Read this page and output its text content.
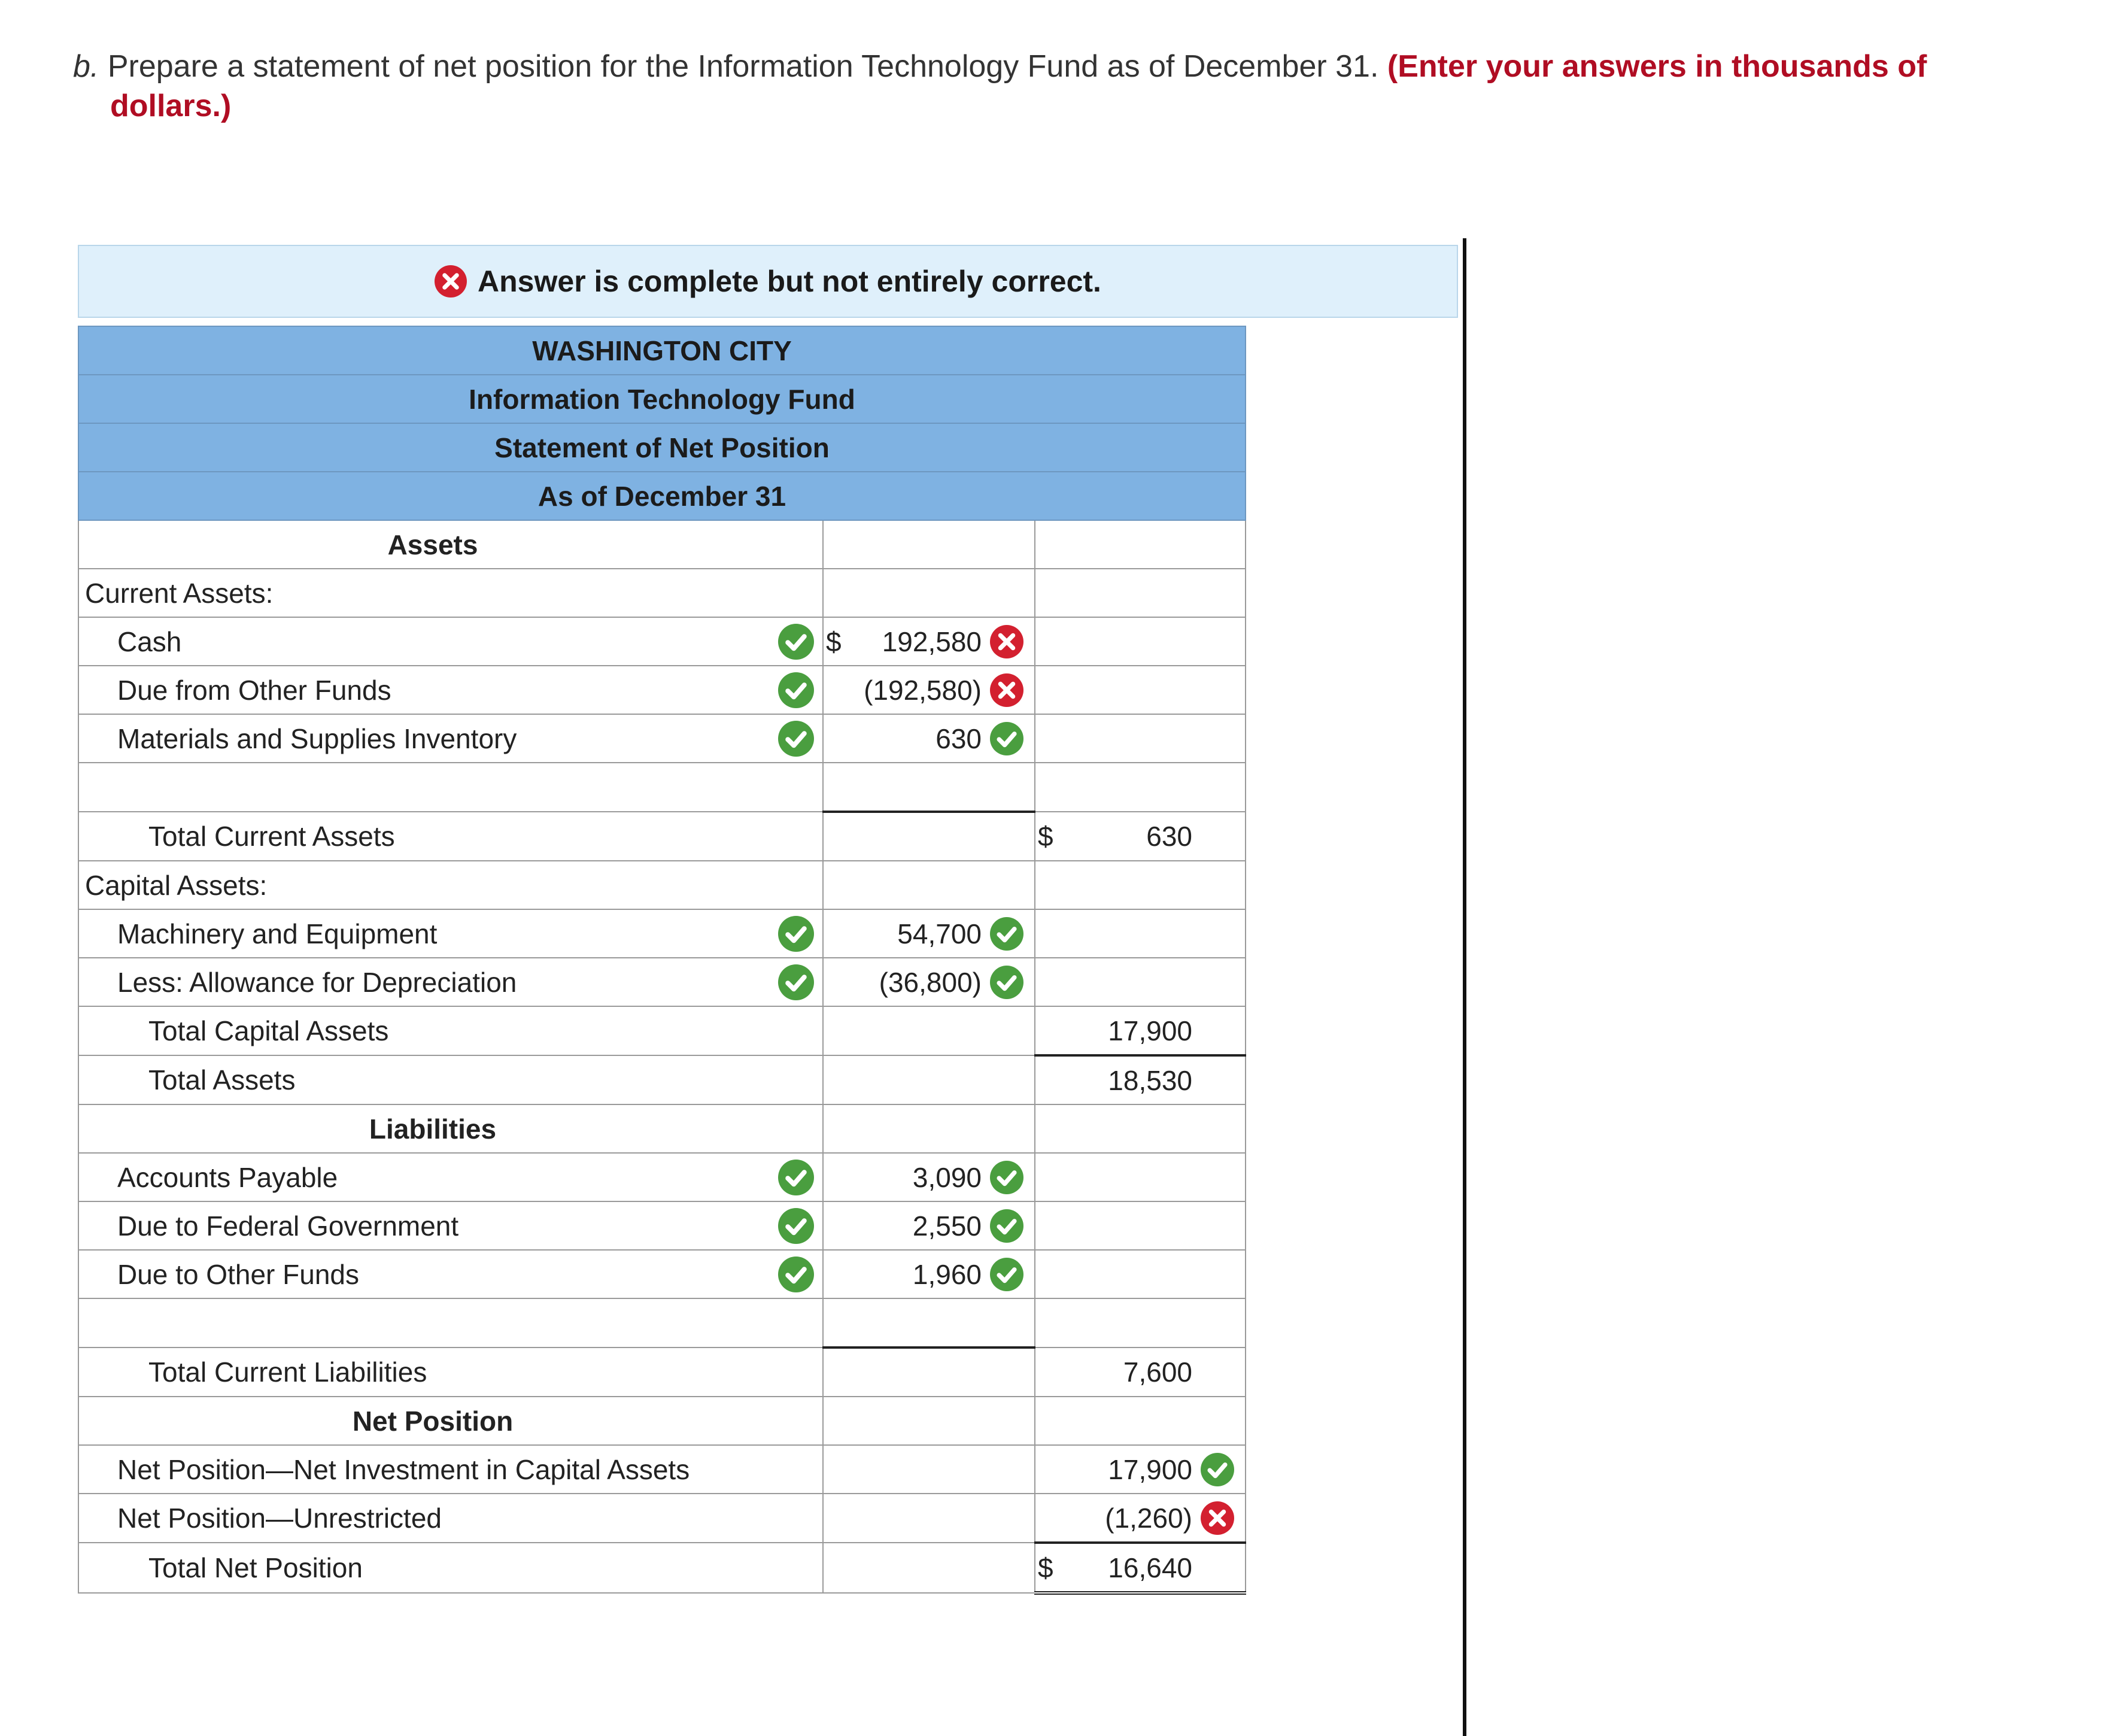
b. Prepare a statement of net position for the Information Technology Fund as of December 31. (Enter your answers in thousands of
dollars.)
Answer is complete but not entirely correct.
WASHINGTON CITY		
Information Technology Fund		
Statement of Net Position		
As of December 31		

Assets		

Current Assets:		

Cash	$ 192,580	

Due from Other Funds	(192,580)	

Materials and Supplies Inventory	630	

Total Current Assets		$ 630

Capital Assets:		

Machinery and Equipment	54,700	

Less: Allowance for Depreciation	(36,800)	

Total Capital Assets		17,900

Total Assets		18,530

Liabilities		

Accounts Payable	3,090	

Due to Federal Government	2,550	

Due to Other Funds	1,960	

Total Current Liabilities		7,600

Net Position		

Net Position—Net Investment in Capital Assets		17,900

Net Position—Unrestricted		(1,260)

Total Net Position		$ 16,640
